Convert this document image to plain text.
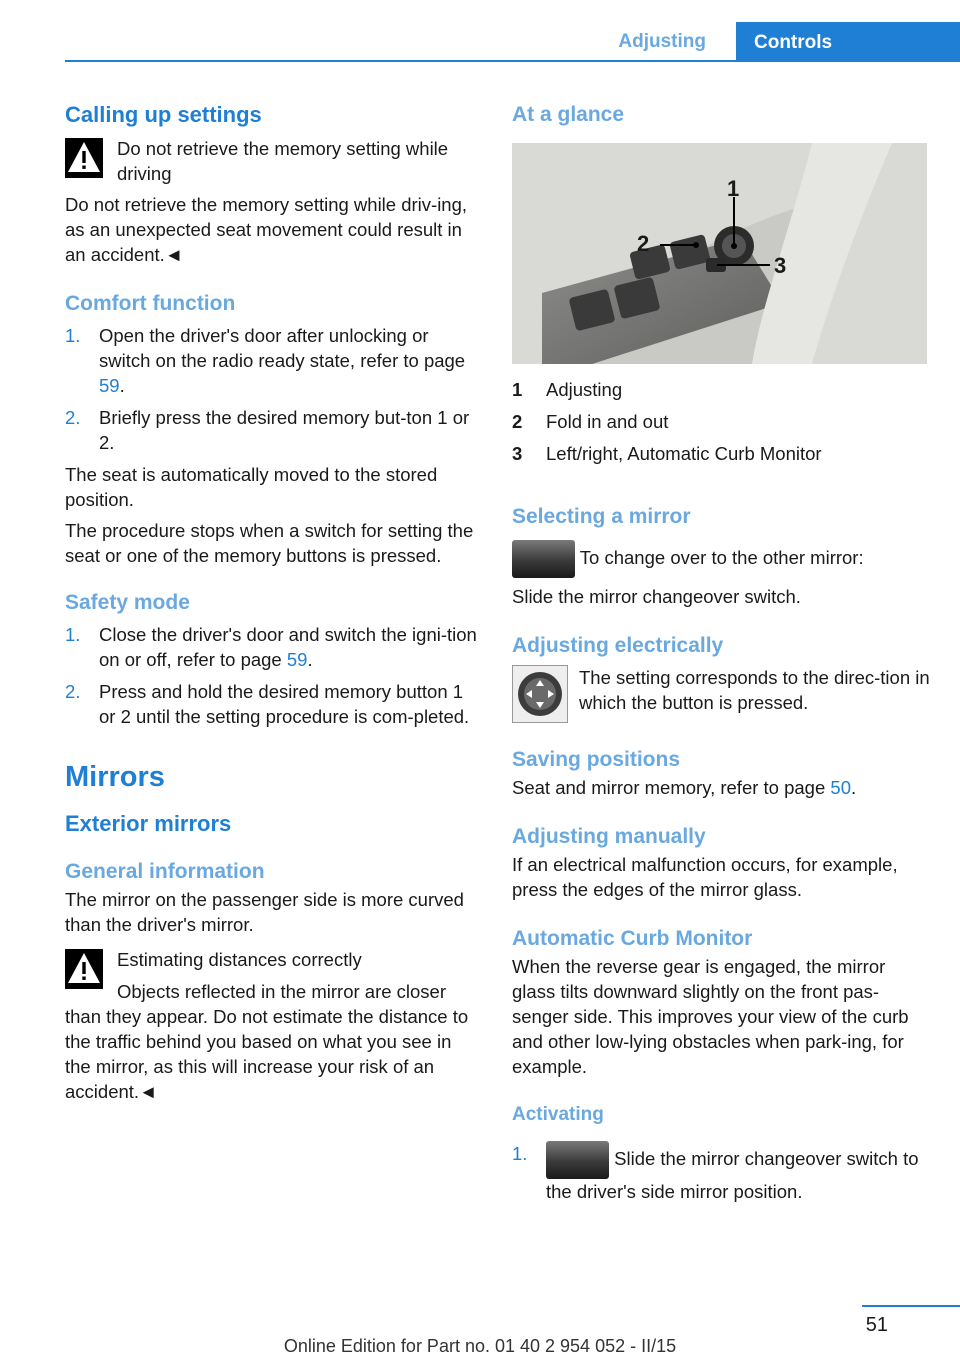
Adjusting	Controls
Calling up settings
Do not retrieve the memory setting while driving

Do not retrieve the memory setting while driv-ing, as an unexpected seat movement could result in an accident.◄

Comfort function
1. Open the driver's door after unlocking or switch on the radio ready state, refer to page 59.
2. Briefly press the desired memory but-ton 1 or 2.

The seat is automatically moved to the stored position.

The procedure stops when a switch for setting the seat or one of the memory buttons is pressed.

Safety mode
1. Close the driver's door and switch the igni-tion on or off, refer to page 59.
2. Press and hold the desired memory button 1 or 2 until the setting procedure is com-pleted.
Mirrors
Exterior mirrors
General information

The mirror on the passenger side is more curved than the driver's mirror.

Estimating distances correctly

Objects reflected in the mirror are closer than they appear. Do not estimate the distance to the traffic behind you based on what you see in the mirror, as this will increase your risk of an accident.◄

At a glance
1
2
3
1 Adjusting
2 Fold in and out
3 Left/right, Automatic Curb Monitor
Selecting a mirror
To change over to the other mirror:

Slide the mirror changeover switch.

Adjusting electrically

The setting corresponds to the direc-tion in which the button is pressed.

Saving positions

Seat and mirror memory, refer to page 50.

Adjusting manually

If an electrical malfunction occurs, for example, press the edges of the mirror glass.

Automatic Curb Monitor

When the reverse gear is engaged, the mirror glass tilts downward slightly on the front pas-senger side. This improves your view of the curb and other low-lying obstacles when park-ing, for example.

Activating
1.	Slide the mirror changeover switch to the driver's side mirror position.
51
Online Edition for Part no. 01 40 2 954 052 - II/15
